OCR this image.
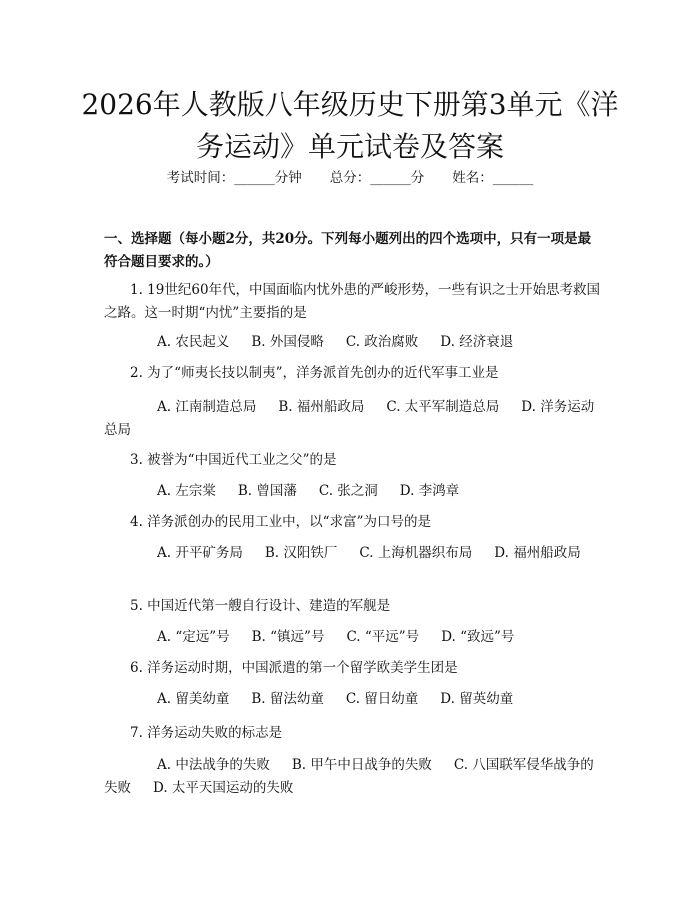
2026年人教版八年级历史下册第3单元《洋
务运动》单元试卷及答案
考试时间：______分钟 总分：______分 姓名：______
一、选择题（每小题2分，共20分。下列每小题列出的四个选项中，只有一项是最符合题目要求的。）
1. 19世纪60年代，中国面临内忧外患的严峻形势，一些有识之士开始思考救国之路。这一时期“内忧”主要指的是
A. 农民起义 B. 外国侵略 C. 政治腐败 D. 经济衰退
2. 为了“师夷长技以制夷”，洋务派首先创办的近代军事工业是
A. 江南制造总局 B. 福州船政局 C. 太平军制造总局 D. 洋务运动总局
3. 被誉为“中国近代工业之父”的是
A. 左宗棠 B. 曾国藩 C. 张之洞 D. 李鸿章
4. 洋务派创办的民用工业中，以“求富”为口号的是
A. 开平矿务局 B. 汉阳铁厂 C. 上海机器织布局 D. 福州船政局
5. 中国近代第一艘自行设计、建造的军舰是
A. “定远”号 B. “镇远”号 C. “平远”号 D. “致远”号
6. 洋务运动时期，中国派遣的第一个留学欧美学生团是
A. 留美幼童 B. 留法幼童 C. 留日幼童 D. 留英幼童
7. 洋务运动失败的标志是
A. 中法战争的失败 B. 甲午中日战争的失败 C. 八国联军侵华战争的失败 D. 太平天国运动的失败
